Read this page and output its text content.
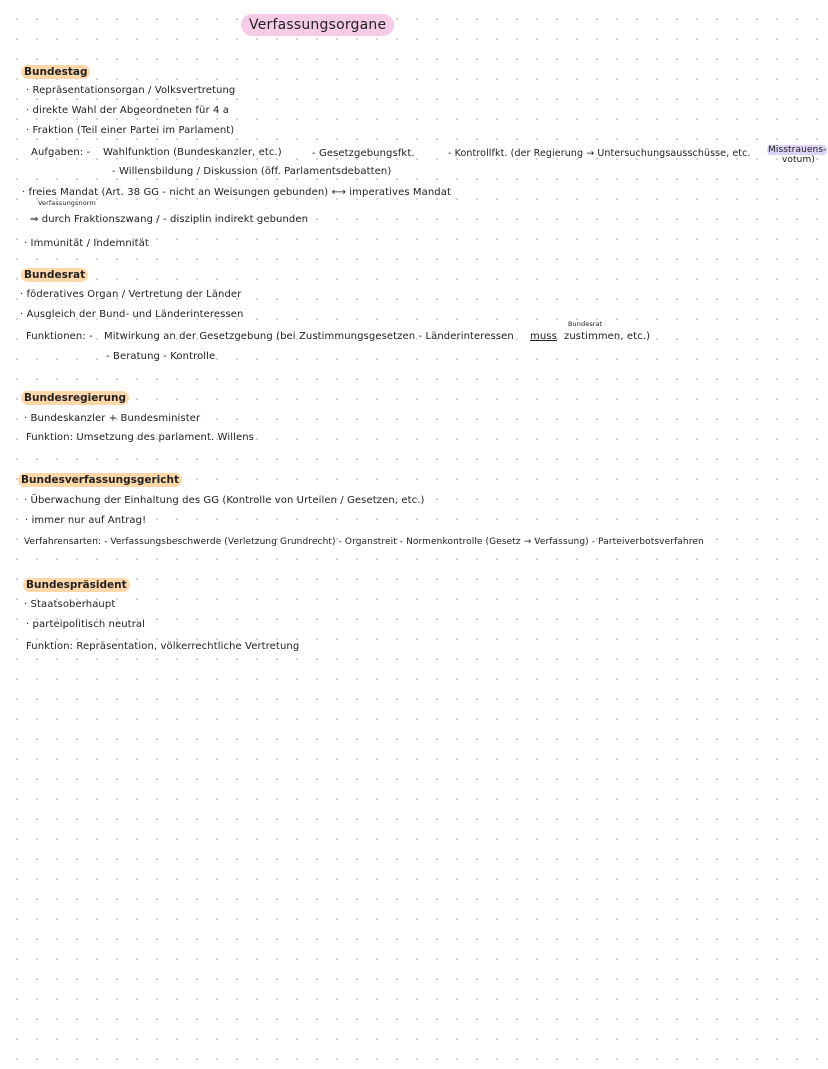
Verfassungsorgane
Bundestag
· Repräsentationsorgan / Volksvertretung
· direkte Wahl der Abgeordneten für 4 a
· Fraktion (Teil einer Partei im Parlament)
Aufgaben: - Wahlfunktion (Bundeskanzler, etc.)	- Gesetzgebungsfkt.	- Kontrollfkt. (der Regierung → Untersuchungsausschüsse, etc. Misstrauens-
votum)
- Willensbildung / Diskussion (öff. Parlamentsdebatten)
· freies Mandat (Art. 38 GG - nicht an Weisungen gebunden) ⟷ imperatives Mandat
Verfassungsnorm
⇒ durch Fraktionszwang / - disziplin indirekt gebunden
· Immunität / Indemnität
Bundesrat
· föderatives Organ / Vertretung der Länder
· Ausgleich der Bund- und Länderinteressen
Funktionen: - Mitwirkung an der Gesetzgebung (bei Zustimmungsgesetzen - Länderinteressen muss zustimmen, etc.)
Bundesrat
- Beratung - Kontrolle
Bundesregierung
· Bundeskanzler + Bundesminister
Funktion: Umsetzung des parlament. Willens
Bundesverfassungsgericht
· Überwachung der Einhaltung des GG (Kontrolle von Urteilen / Gesetzen, etc.)
· immer nur auf Antrag!
Verfahrensarten: - Verfassungsbeschwerde (Verletzung Grundrecht) - Organstreit - Normenkontrolle (Gesetz → Verfassung) - Parteiverbotsverfahren
Bundespräsident
· Staatsoberhaupt
· parteipolitisch neutral
Funktion: Repräsentation, völkerrechtliche Vertretung
